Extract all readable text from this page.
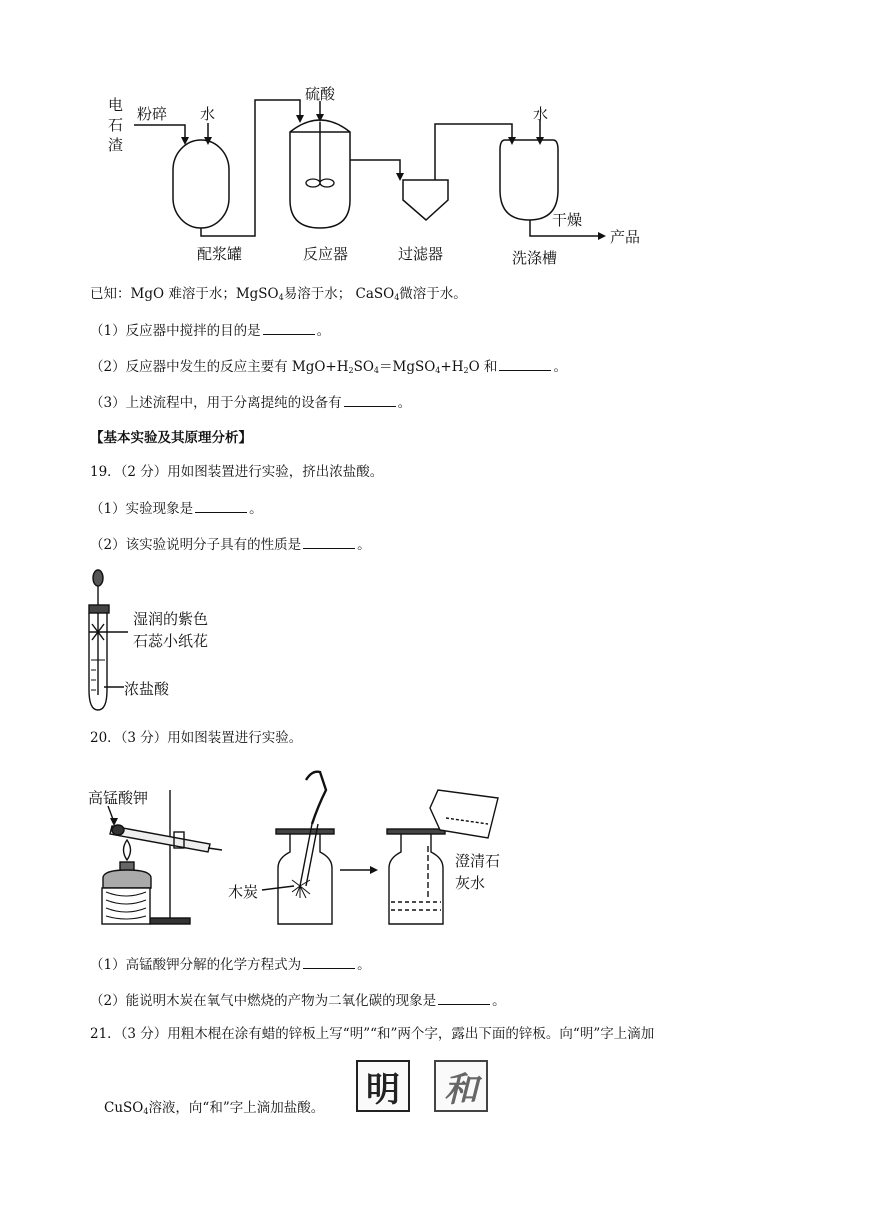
电
石
渣
粉碎 水
硫酸
水
干燥
产品
配浆罐	反应器	过滤器	洗涤槽
已知：MgO 难溶于水；MgSO$_4$易溶于水； CaSO$_4$微溶于水。
（1）反应器中搅拌的目的是	。
（2）反应器中发生的反应主要有 $MgO+H_2SO_4=MgSO_4+H_2O$ 和	。
（3）上述流程中，用于分离提纯的设备有	。
【基本实验及其原理分析】
19．（2 分）用如图装置进行实验，挤出浓盐酸。
（1）实验现象是	。
（2）该实验说明分子具有的性质是	。
湿润的紫色
石蕊小纸花
浓盐酸
20．（3 分）用如图装置进行实验。
高锰酸钾
木炭
澄清石
灰水
（1）高锰酸钾分解的化学方程式为	。
（2）能说明木炭在氧气中燃烧的产物为二氧化碳的现象是	。
21．（3 分）用粗木棍在涂有蜡的锌板上写“明”“和”两个字，露出下面的锌板。向“明”字上滴加
明 和
CuSO$_4$溶液，向“和”字上滴加盐酸。
